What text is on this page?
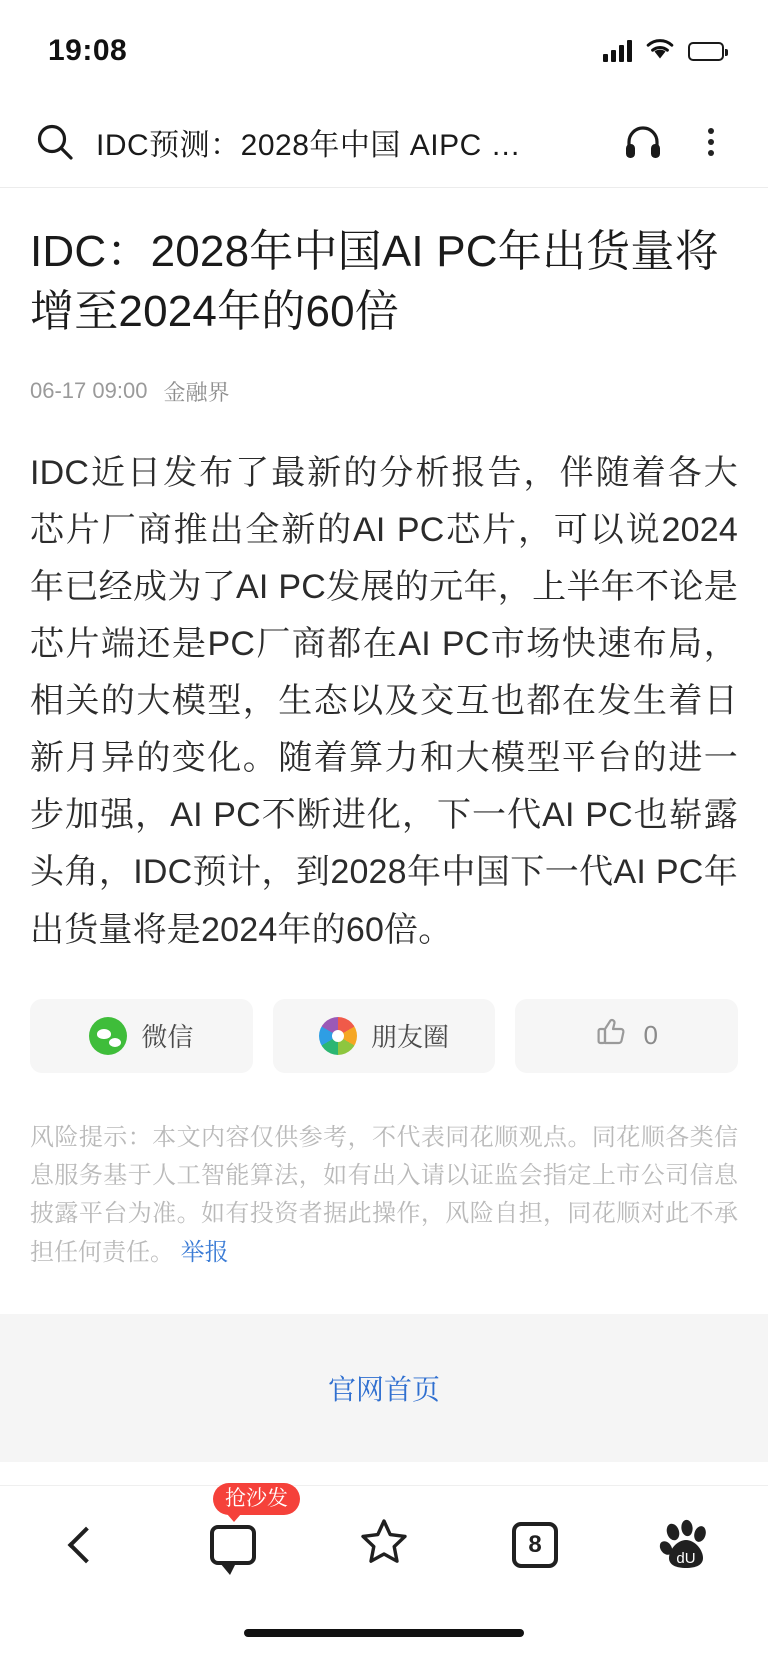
19:08
IDC预测：2028年中国 AIPC …
IDC：2028年中国AI PC年出货量将增至2024年的60倍
06-17 09:00 金融界

IDC近日发布了最新的分析报告，伴随着各大芯片厂商推出全新的AI PC芯片，可以说2024年已经成为了AI PC发展的元年，上半年不论是芯片端还是PC厂商都在AI PC市场快速布局，相关的大模型，生态以及交互也都在发生着日新月异的变化。随着算力和大模型平台的进一步加强，AI PC不断进化，下一代AI PC也崭露头角，IDC预计，到2028年中国下一代AI PC年出货量将是2024年的60倍。

微信	朋友圈	0
风险提示：本文内容仅供参考，不代表同花顺观点。同花顺各类信息服务基于人工智能算法，如有出入请以证监会指定上市公司信息披露平台为准。如有投资者据此操作，风险自担，同花顺对此不承担任何责任。 举报
官网首页
抢沙发
8
dU
